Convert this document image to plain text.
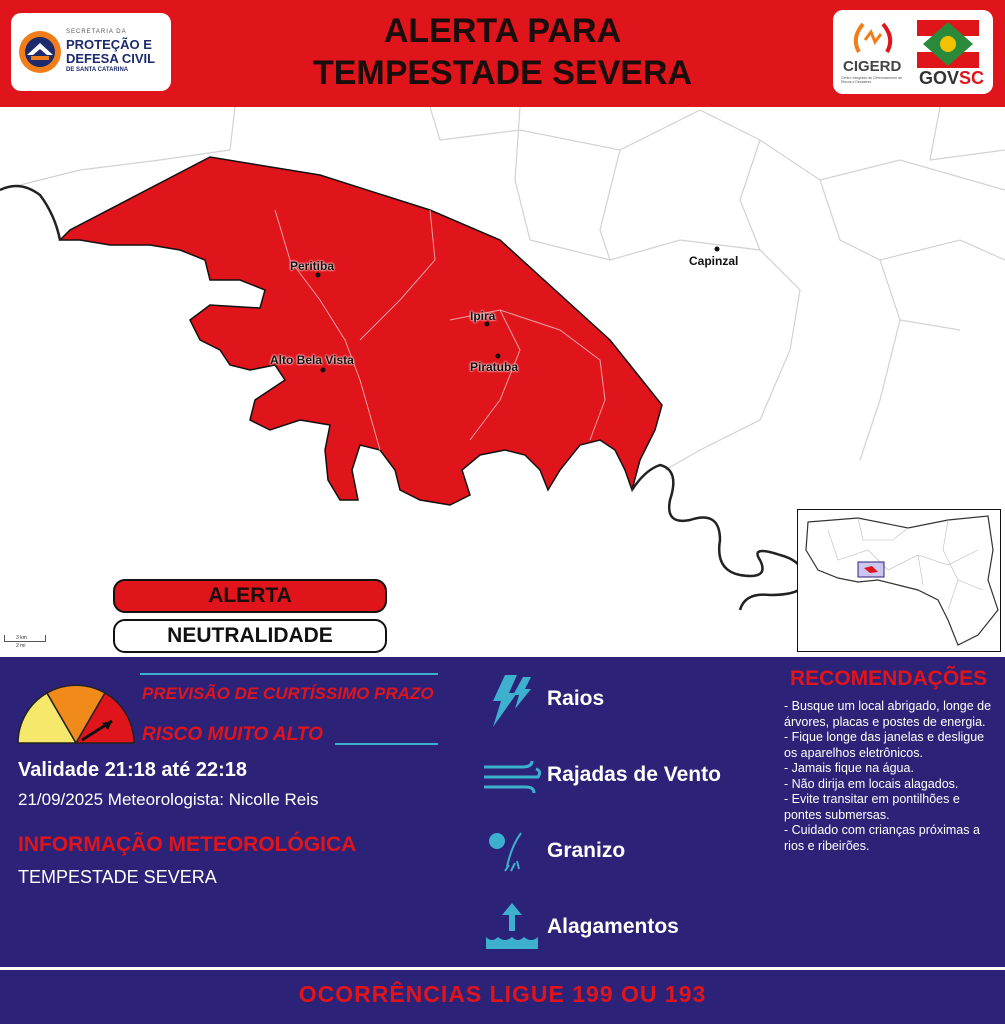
SECRETARIA DA
PROTEÇÃO E
DEFESA CIVIL
DE SANTA CATARINA
ALERTA PARA
TEMPESTADE SEVERA	CIGERD
Centro Integrado de Gerenciamento de Riscos e Desastres	GOVSC
Peritiba
Ipira
Alto Bela Vista	Piratuba
Capinzal
ALERTA
NEUTRALIDADE
3 km
2 mi
PREVISÃO DE CURTÍSSIMO PRAZO
RISCO MUITO ALTO
Validade 21:18 até 22:18
21/09/2025 Meteorologista: Nicolle Reis
INFORMAÇÃO METEOROLÓGICA
TEMPESTADE SEVERA
Raios
Rajadas de Vento
Granizo
Alagamentos
RECOMENDAÇÕES
- Busque um local abrigado, longe de árvores, placas e postes de energia.
- Fique longe das janelas e desligue os aparelhos eletrônicos.
- Jamais fique na água.
- Não dirija em locais alagados.
- Evite transitar em pontilhões e pontes submersas.
- Cuidado com crianças próximas a rios e ribeirões.
OCORRÊNCIAS LIGUE 199 OU 193
